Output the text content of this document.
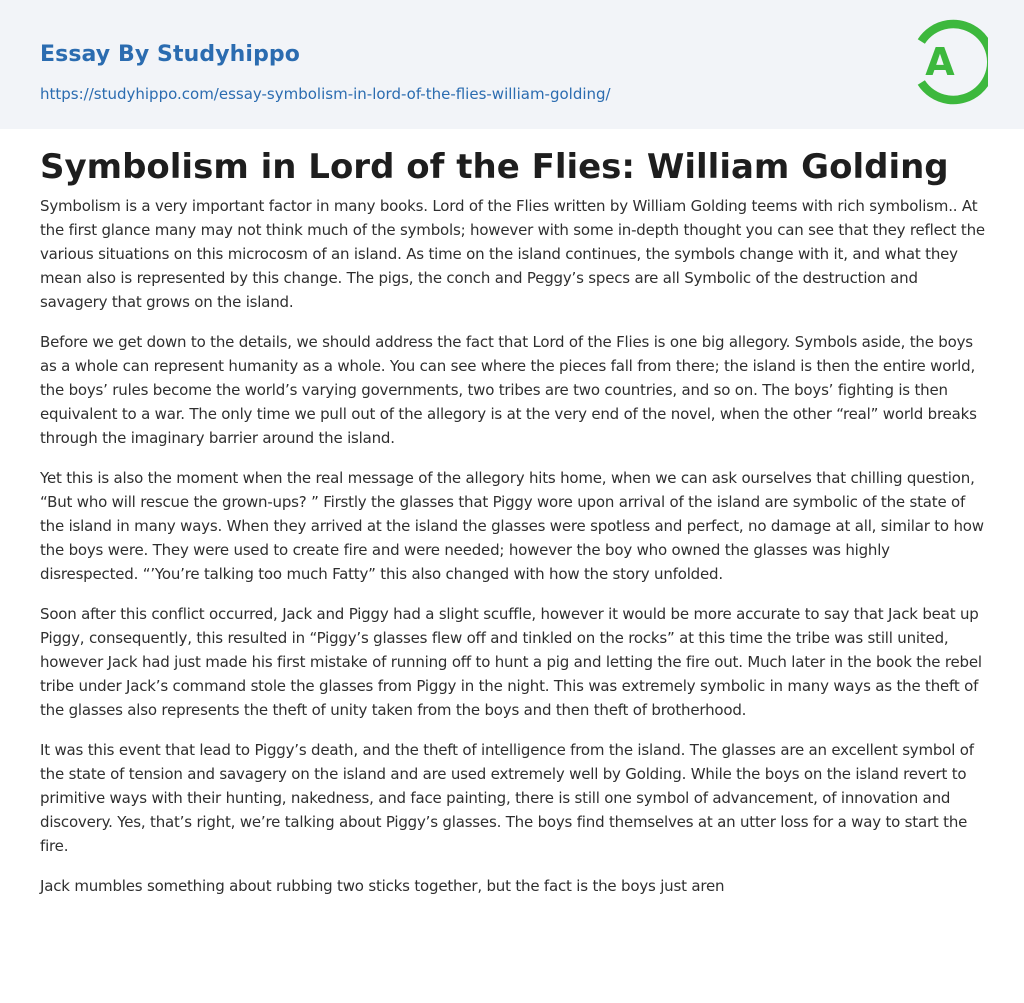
Essay By Studyhippo
https://studyhippo.com/essay-symbolism-in-lord-of-the-flies-william-golding/
A
Symbolism in Lord of the Flies: William Golding

Symbolism is a very important factor in many books. Lord of the Flies written by William Golding teems with rich symbolism.. At the first glance many may not think much of the symbols; however with some in-depth thought you can see that they reflect the various situations on this microcosm of an island. As time on the island continues, the symbols change with it, and what they mean also is represented by this change. The pigs, the conch and Peggy’s specs are all Symbolic of the destruction and savagery that grows on the island.

Before we get down to the details, we should address the fact that Lord of the Flies is one big allegory. Symbols aside, the boys as a whole can represent humanity as a whole. You can see where the pieces fall from there; the island is then the entire world, the boys’ rules become the world’s varying governments, two tribes are two countries, and so on. The boys’ fighting is then equivalent to a war. The only time we pull out of the allegory is at the very end of the novel, when the other “real” world breaks through the imaginary barrier around the island.

Yet this is also the moment when the real message of the allegory hits home, when we can ask ourselves that chilling question, “But who will rescue the grown-ups? ” Firstly the glasses that Piggy wore upon arrival of the island are symbolic of the state of the island in many ways. When they arrived at the island the glasses were spotless and perfect, no damage at all, similar to how the boys were. They were used to create fire and were needed; however the boy who owned the glasses was highly disrespected. “’You’re talking too much Fatty” this also changed with how the story unfolded.

Soon after this conflict occurred, Jack and Piggy had a slight scuffle, however it would be more accurate to say that Jack beat up Piggy, consequently, this resulted in “Piggy’s glasses flew off and tinkled on the rocks” at this time the tribe was still united, however Jack had just made his first mistake of running off to hunt a pig and letting the fire out. Much later in the book the rebel tribe under Jack’s command stole the glasses from Piggy in the night. This was extremely symbolic in many ways as the theft of the glasses also represents the theft of unity taken from the boys and then theft of brotherhood.

It was this event that lead to Piggy’s death, and the theft of intelligence from the island. The glasses are an excellent symbol of the state of tension and savagery on the island and are used extremely well by Golding. While the boys on the island revert to primitive ways with their hunting, nakedness, and face painting, there is still one symbol of advancement, of innovation and discovery. Yes, that’s right, we’re talking about Piggy’s glasses. The boys find themselves at an utter loss for a way to start the fire.

Jack mumbles something about rubbing two sticks together, but the fact is the boys just aren
